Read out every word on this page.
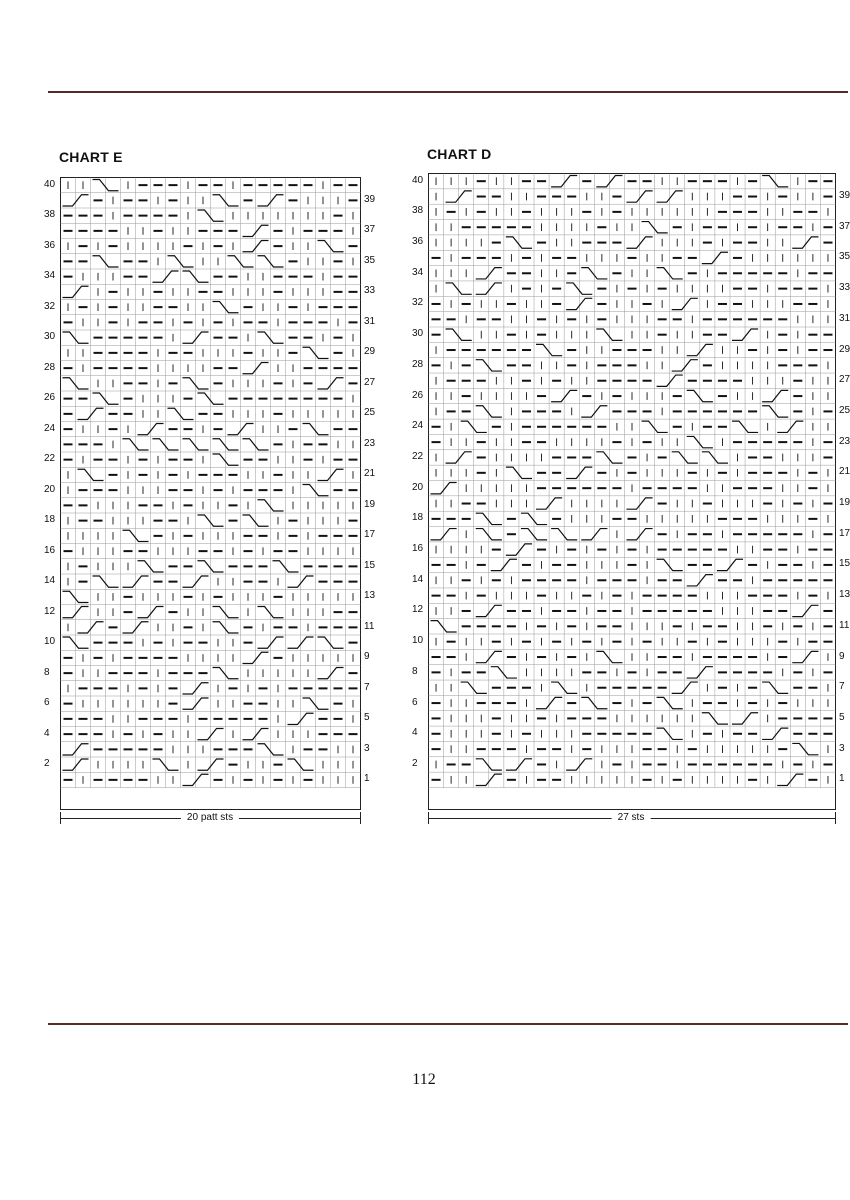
CHART E	CHART D
40
38
36
34
32
30
28
26
24
22
20
18
16
14
12
10
8
6
4
2
39
37
35
33
31
29
27
25
23
21
19
17
15
13
11
9
7
5
3
1
20 patt sts
40
38
36
34
32
30
28
26
24
22
20
18
16
14
12
10
8
6
4
2
39
37
35
33
31
29
27
25
23
21
19
17
15
13
11
9
7
5
3
1
27 sts
112
